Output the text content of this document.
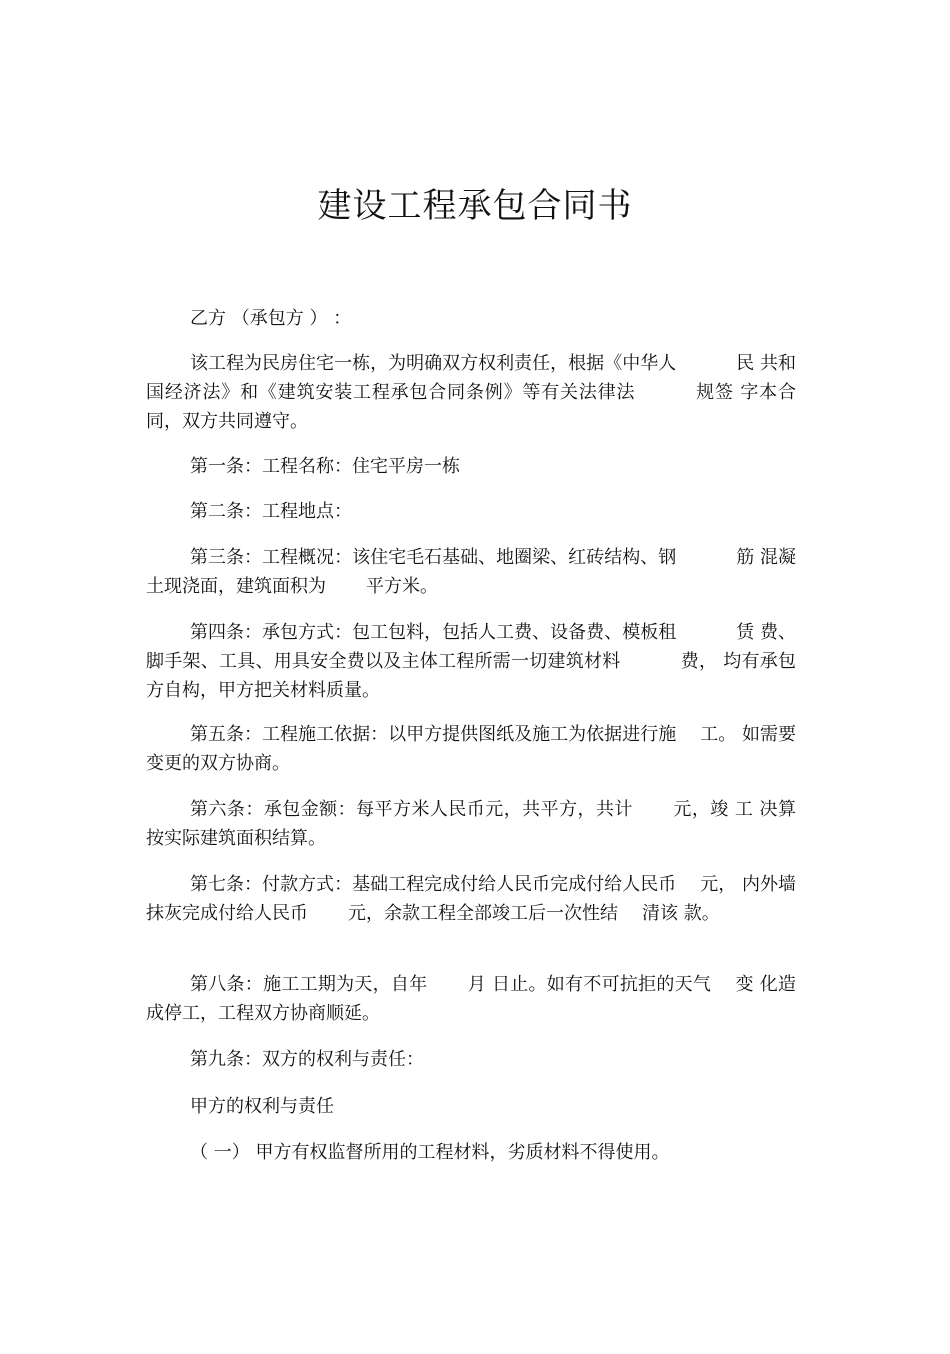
建设工程承包合同书
乙方 （承包方 ） ：
该工程为民房住宅一栋，为明确双方权利责任，根据《中华人	民 共和国经济法》和《建筑安装工程承包合同条例》等有关法律法	规签 字本合同，双方共同遵守。
第一条：工程名称：住宅平房一栋
第二条：工程地点：
第三条：工程概况：该住宅毛石基础、地圈梁、红砖结构、钢	筋 混凝土现浇面，建筑面积为 平方米。
第四条：承包方式：包工包料，包括人工费、设备费、模板租	赁 费、脚手架、工具、用具安全费以及主体工程所需一切建筑材料	费， 均有承包方自构，甲方把关材料质量。
第五条：工程施工依据：以甲方提供图纸及施工为依据进行施 工。 如需要变更的双方协商。
第六条：承包金额：每平方米人民币元，共平方，共计 元，竣 工 决算按实际建筑面积结算。
第七条：付款方式：基础工程完成付给人民币完成付给人民币 元， 内外墙抹灰完成付给人民币 元，余款工程全部竣工后一次性结 清该 款。
第八条：施工工期为天，自年 月 日止。如有不可抗拒的天气 变 化造成停工，工程双方协商顺延。
第九条：双方的权利与责任：
甲方的权利与责任
（ 一） 甲方有权监督所用的工程材料，劣质材料不得使用。
